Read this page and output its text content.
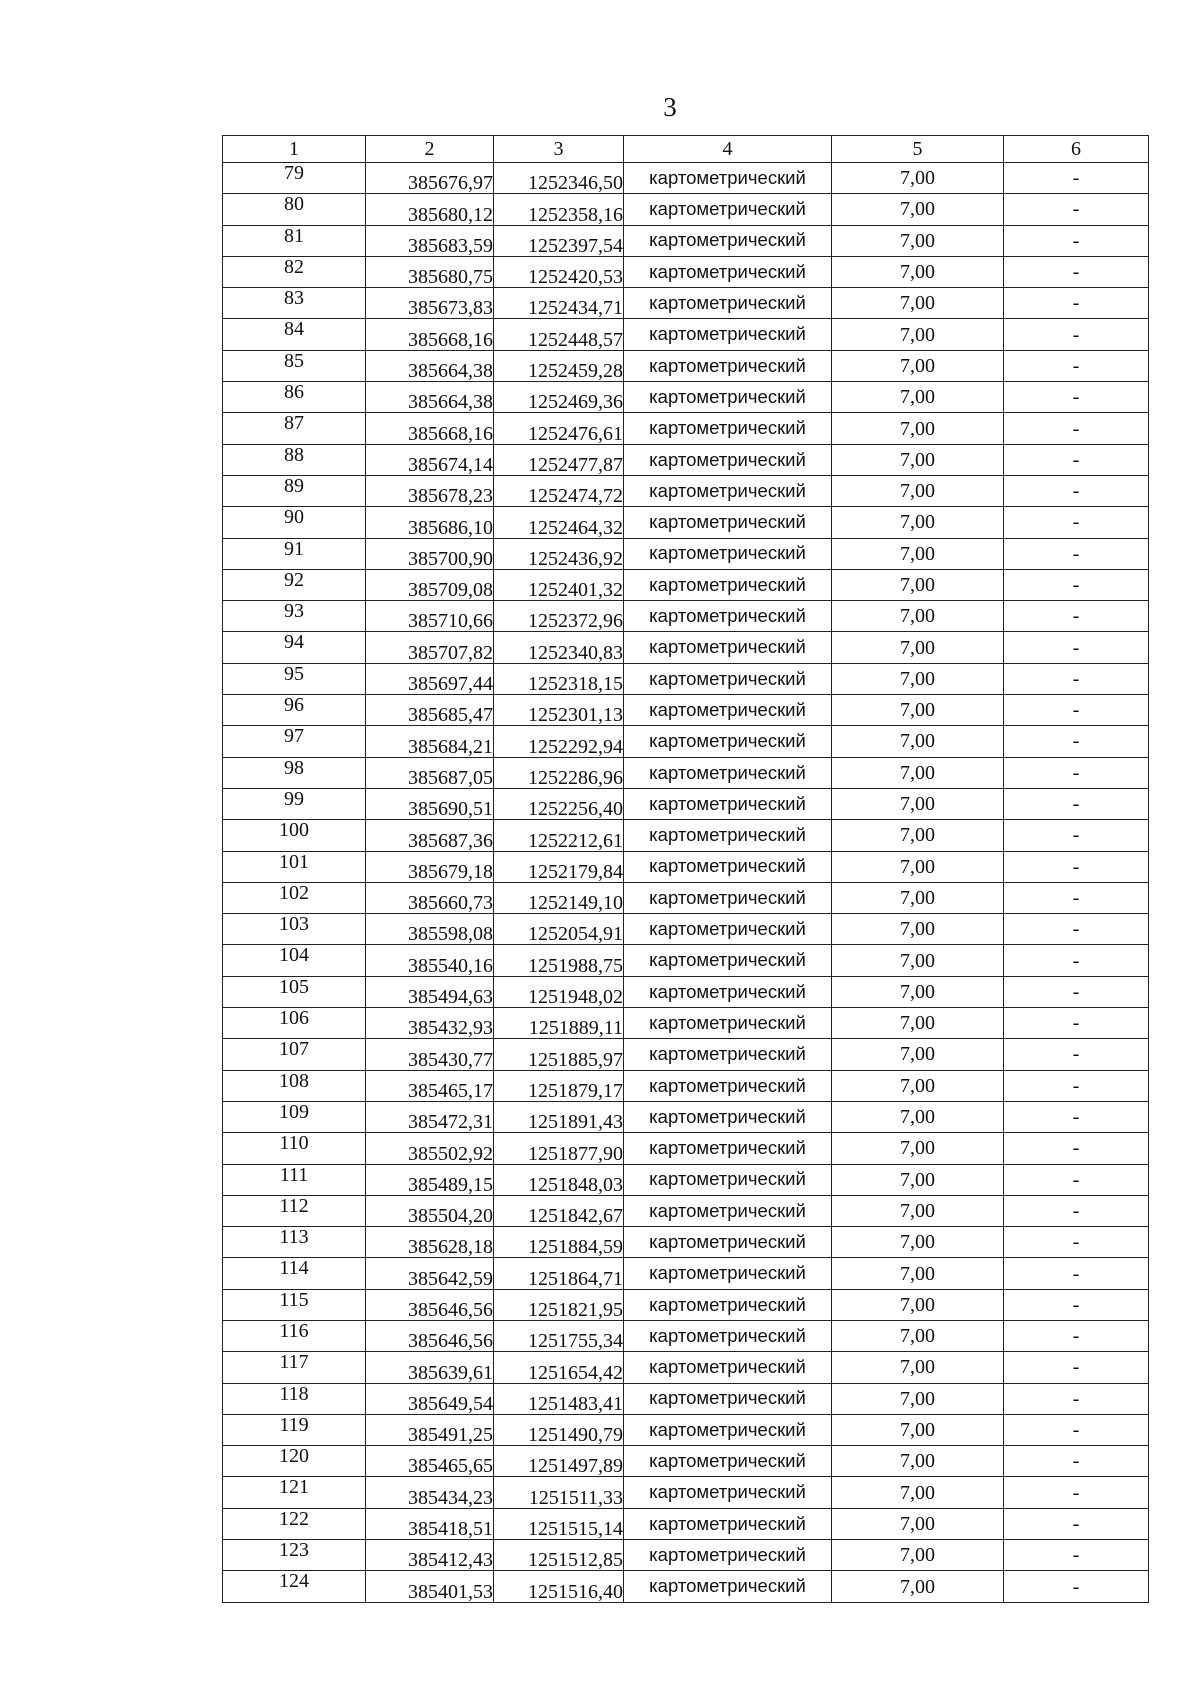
3
1	2	3	4	5	6
79	385676,97	1252346,50	картометрический	7,00	-
80	385680,12	1252358,16	картометрический	7,00	-
81	385683,59	1252397,54	картометрический	7,00	-
82	385680,75	1252420,53	картометрический	7,00	-
83	385673,83	1252434,71	картометрический	7,00	-
84	385668,16	1252448,57	картометрический	7,00	-
85	385664,38	1252459,28	картометрический	7,00	-
86	385664,38	1252469,36	картометрический	7,00	-
87	385668,16	1252476,61	картометрический	7,00	-
88	385674,14	1252477,87	картометрический	7,00	-
89	385678,23	1252474,72	картометрический	7,00	-
90	385686,10	1252464,32	картометрический	7,00	-
91	385700,90	1252436,92	картометрический	7,00	-
92	385709,08	1252401,32	картометрический	7,00	-
93	385710,66	1252372,96	картометрический	7,00	-
94	385707,82	1252340,83	картометрический	7,00	-
95	385697,44	1252318,15	картометрический	7,00	-
96	385685,47	1252301,13	картометрический	7,00	-
97	385684,21	1252292,94	картометрический	7,00	-
98	385687,05	1252286,96	картометрический	7,00	-
99	385690,51	1252256,40	картометрический	7,00	-
100	385687,36	1252212,61	картометрический	7,00	-
101	385679,18	1252179,84	картометрический	7,00	-
102	385660,73	1252149,10	картометрический	7,00	-
103	385598,08	1252054,91	картометрический	7,00	-
104	385540,16	1251988,75	картометрический	7,00	-
105	385494,63	1251948,02	картометрический	7,00	-
106	385432,93	1251889,11	картометрический	7,00	-
107	385430,77	1251885,97	картометрический	7,00	-
108	385465,17	1251879,17	картометрический	7,00	-
109	385472,31	1251891,43	картометрический	7,00	-
110	385502,92	1251877,90	картометрический	7,00	-
111	385489,15	1251848,03	картометрический	7,00	-
112	385504,20	1251842,67	картометрический	7,00	-
113	385628,18	1251884,59	картометрический	7,00	-
114	385642,59	1251864,71	картометрический	7,00	-
115	385646,56	1251821,95	картометрический	7,00	-
116	385646,56	1251755,34	картометрический	7,00	-
117	385639,61	1251654,42	картометрический	7,00	-
118	385649,54	1251483,41	картометрический	7,00	-
119	385491,25	1251490,79	картометрический	7,00	-
120	385465,65	1251497,89	картометрический	7,00	-
121	385434,23	1251511,33	картометрический	7,00	-
122	385418,51	1251515,14	картометрический	7,00	-
123	385412,43	1251512,85	картометрический	7,00	-
124	385401,53	1251516,40	картометрический	7,00	-
